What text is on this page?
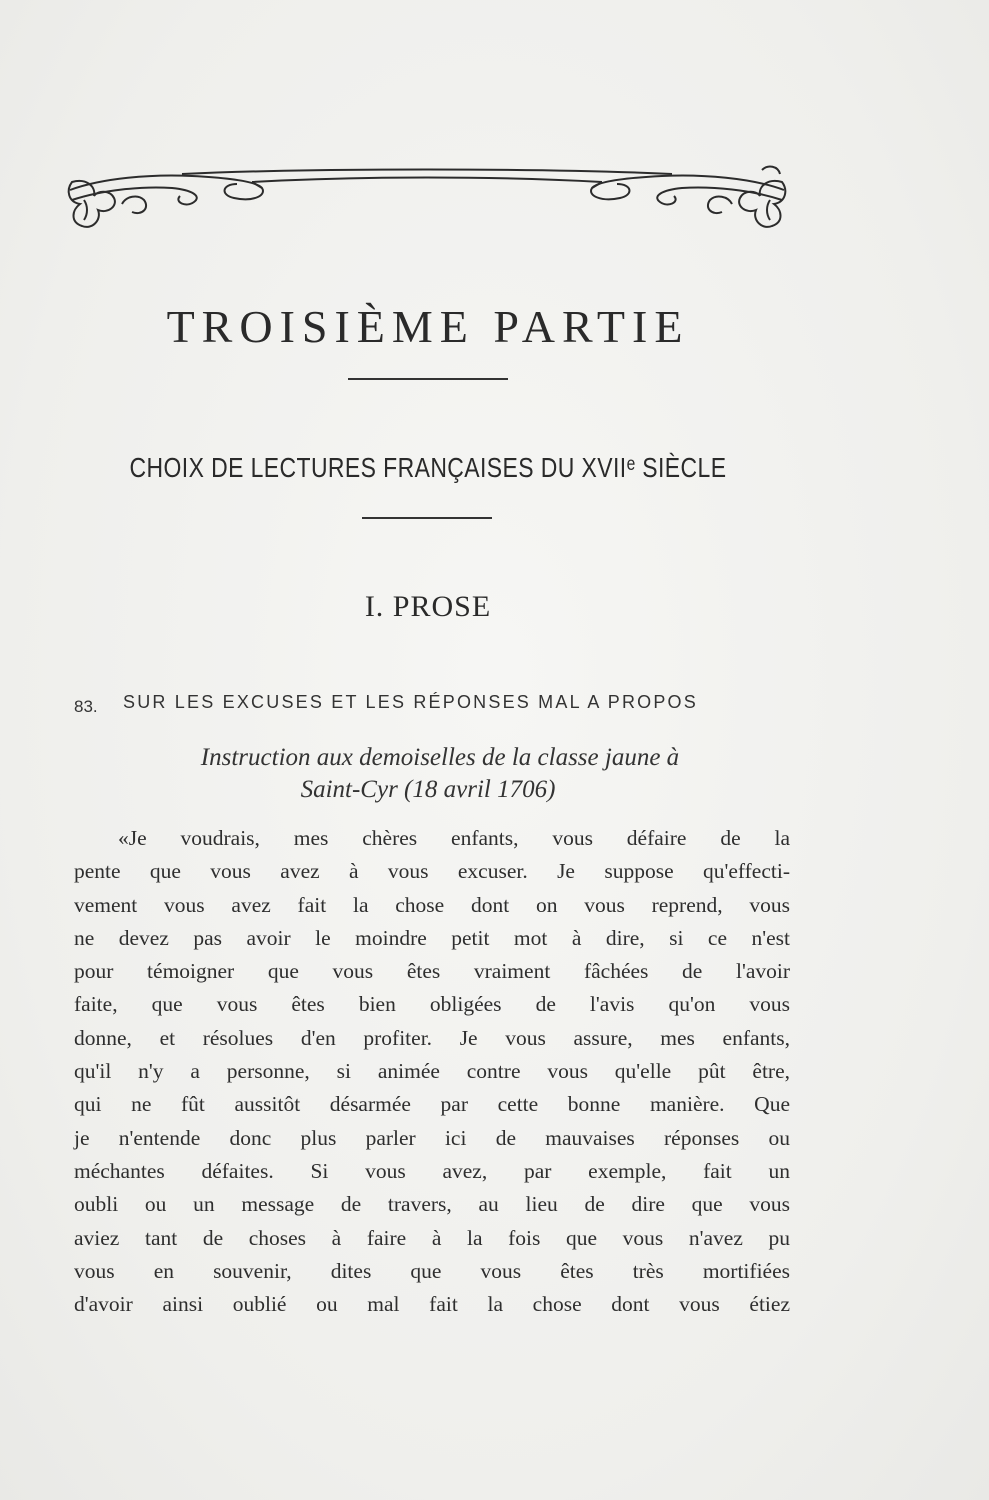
TROISIÈME PARTIE
CHOIX DE LECTURES FRANÇAISES DU XVIIᵉ SIÈCLE
I. PROSE
83. SUR LES EXCUSES ET LES RÉPONSES MAL A PROPOS
Instruction aux demoiselles de la classe jaune à
Saint-Cyr (18 avril 1706)
«Je voudrais, mes chères enfants, vous défaire de la
pente que vous avez à vous excuser. Je suppose qu'effecti-
vement vous avez fait la chose dont on vous reprend, vous
ne devez pas avoir le moindre petit mot à dire, si ce n'est
pour témoigner que vous êtes vraiment fâchées de l'avoir
faite, que vous êtes bien obligées de l'avis qu'on vous
donne, et résolues d'en profiter. Je vous assure, mes enfants,
qu'il n'y a personne, si animée contre vous qu'elle pût être,
qui ne fût aussitôt désarmée par cette bonne manière. Que
je n'entende donc plus parler ici de mauvaises réponses ou
méchantes défaites. Si vous avez, par exemple, fait un
oubli ou un message de travers, au lieu de dire que vous
aviez tant de choses à faire à la fois que vous n'avez pu
vous en souvenir, dites que vous êtes très mortifiées
d'avoir ainsi oublié ou mal fait la chose dont vous étiez
